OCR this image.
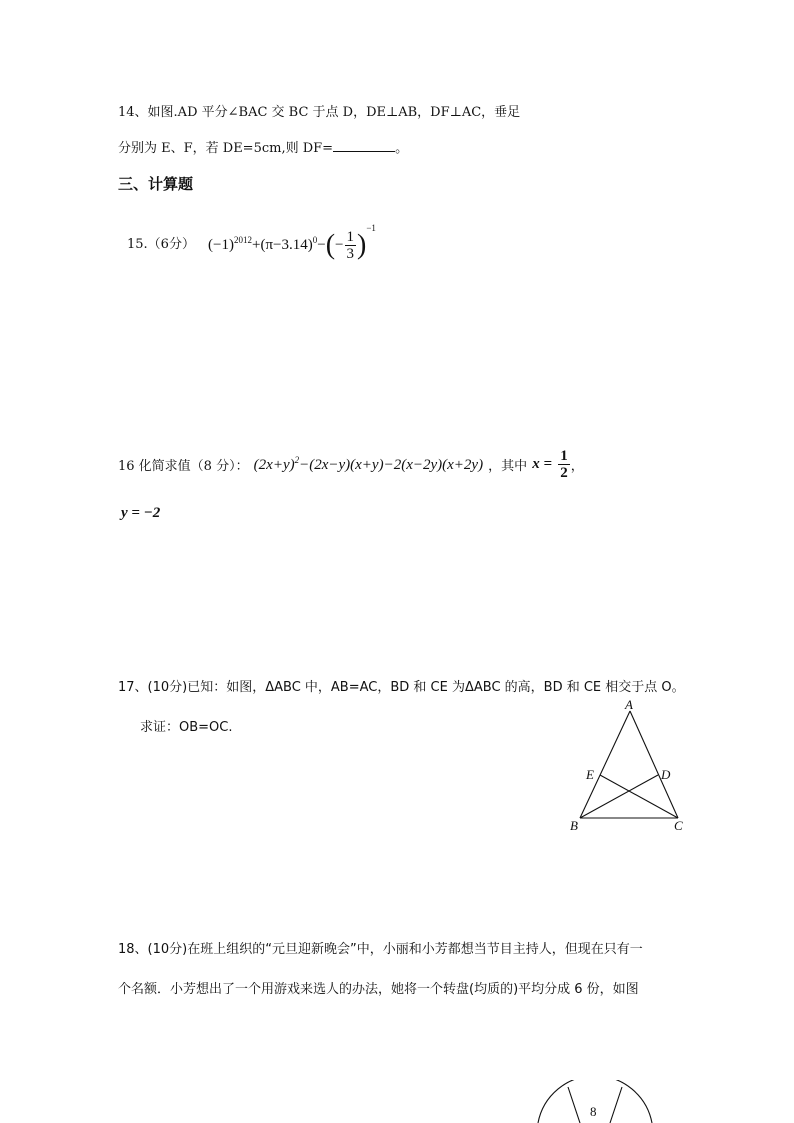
14、如图.AD 平分∠BAC 交 BC 于点 D，DE⊥AB，DF⊥AC，垂足
分别为 E、F，若 DE=5cm,则 DF=	。
三、计算题
15.（6分） $(-1)^{2012}+(\pi-3.14)^0-(- \frac{1}{3} )^{-1}$
16 化简求值（8 分）： $(2x+y)^2-(2x-y)(x+y)-2(x-2y)(x+2y)$ ，其中 $x = \frac{1}{2}$ ，
y = −2
17、(10分)已知：如图，ΔABC 中，AB=AC，BD 和 CE 为ΔABC 的高，BD 和 CE 相交于点 O。
求证：OB=OC.
A
B	C
D
E
18、(10分)在班上组织的“元旦迎新晚会”中，小丽和小芳都想当节目主持人，但现在只有一
个名额．小芳想出了一个用游戏来选人的办法，她将一个转盘(均质的)平均分成 6 份，如图
8
